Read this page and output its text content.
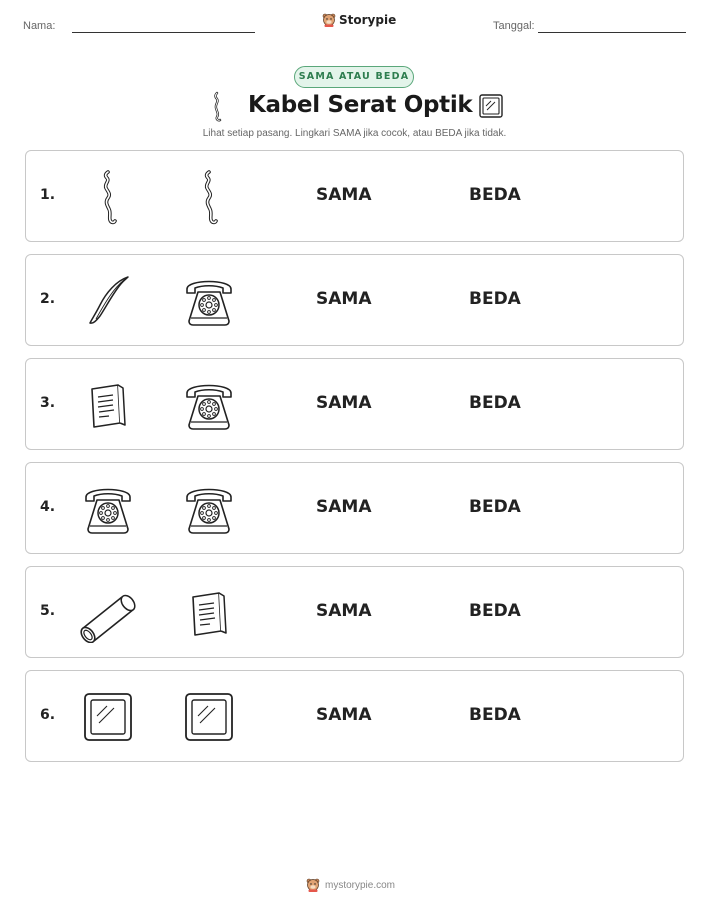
Nama:	Storypie	Tanggal:
SAMA ATAU BEDA
Kabel Serat Optik
Lihat setiap pasang. Lingkari SAMA jika cocok, atau BEDA jika tidak.
1.	SAMA	BEDA
2.	SAMA	BEDA
3.	SAMA	BEDA
4.	SAMA	BEDA
5.	SAMA	BEDA
6.	SAMA	BEDA
mystorypie.com
